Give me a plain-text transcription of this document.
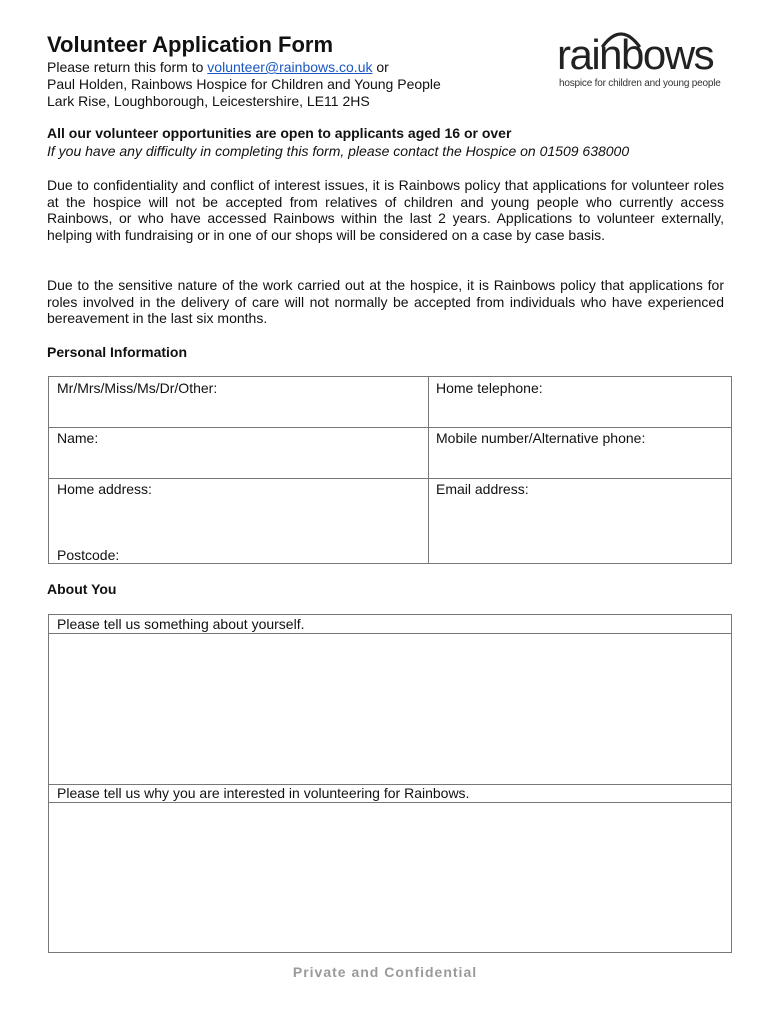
Volunteer Application Form
Please return this form to volunteer@rainbows.co.uk or
Paul Holden, Rainbows Hospice for Children and Young People
Lark Rise, Loughborough, Leicestershire, LE11 2HS
rainbows
hospice for children and young people
All our volunteer opportunities are open to applicants aged 16 or over
If you have any difficulty in completing this form, please contact the Hospice on 01509 638000
Due to confidentiality and conflict of interest issues, it is Rainbows policy that applications for volunteer roles at the hospice will not be accepted from relatives of children and young people who currently access Rainbows, or who have accessed Rainbows within the last 2 years. Applications to volunteer externally, helping with fundraising or in one of our shops will be considered on a case by case basis.
Due to the sensitive nature of the work carried out at the hospice, it is Rainbows policy that applications for roles involved in the delivery of care will not normally be accepted from individuals who have experienced bereavement in the last six months.
Personal Information
Mr/Mrs/Miss/Ms/Dr/Other:	Home telephone:
Name:	Mobile number/Alternative phone:
Home address:
Postcode:
Email address:
About You
Please tell us something about yourself.
Please tell us why you are interested in volunteering for Rainbows.
Private and Confidential
